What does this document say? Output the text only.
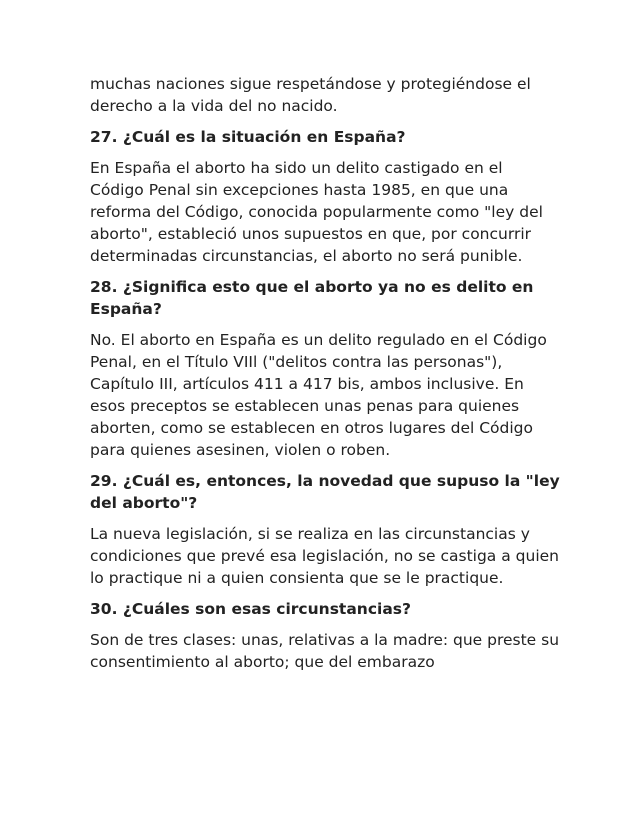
muchas naciones sigue respetándose y protegiéndose el derecho a la vida del no nacido.

27. ¿Cuál es la situación en España?

En España el aborto ha sido un delito castigado en el Código Penal sin excepciones hasta 1985, en que una reforma del Código, conocida popularmente como "ley del aborto", estableció unos supuestos en que, por concurrir determinadas circunstancias, el aborto no será punible.

28. ¿Significa esto que el aborto ya no es delito en España?

No. El aborto en España es un delito regulado en el Código Penal, en el Título VIIl ("delitos contra las personas"), Capítulo III, artículos 411 a 417 bis, ambos inclusive. En esos preceptos se establecen unas penas para quienes aborten, como se establecen en otros lugares del Código para quienes asesinen, violen o roben.

29. ¿Cuál es, entonces, la novedad que supuso la "ley del aborto"?

La nueva legislación, si se realiza en las circunstancias y condiciones que prevé esa legislación, no se castiga a quien lo practique ni a quien consienta que se le practique.

30. ¿Cuáles son esas circunstancias?

Son de tres clases: unas, relativas a la madre: que preste su consentimiento al aborto; que del embarazo
